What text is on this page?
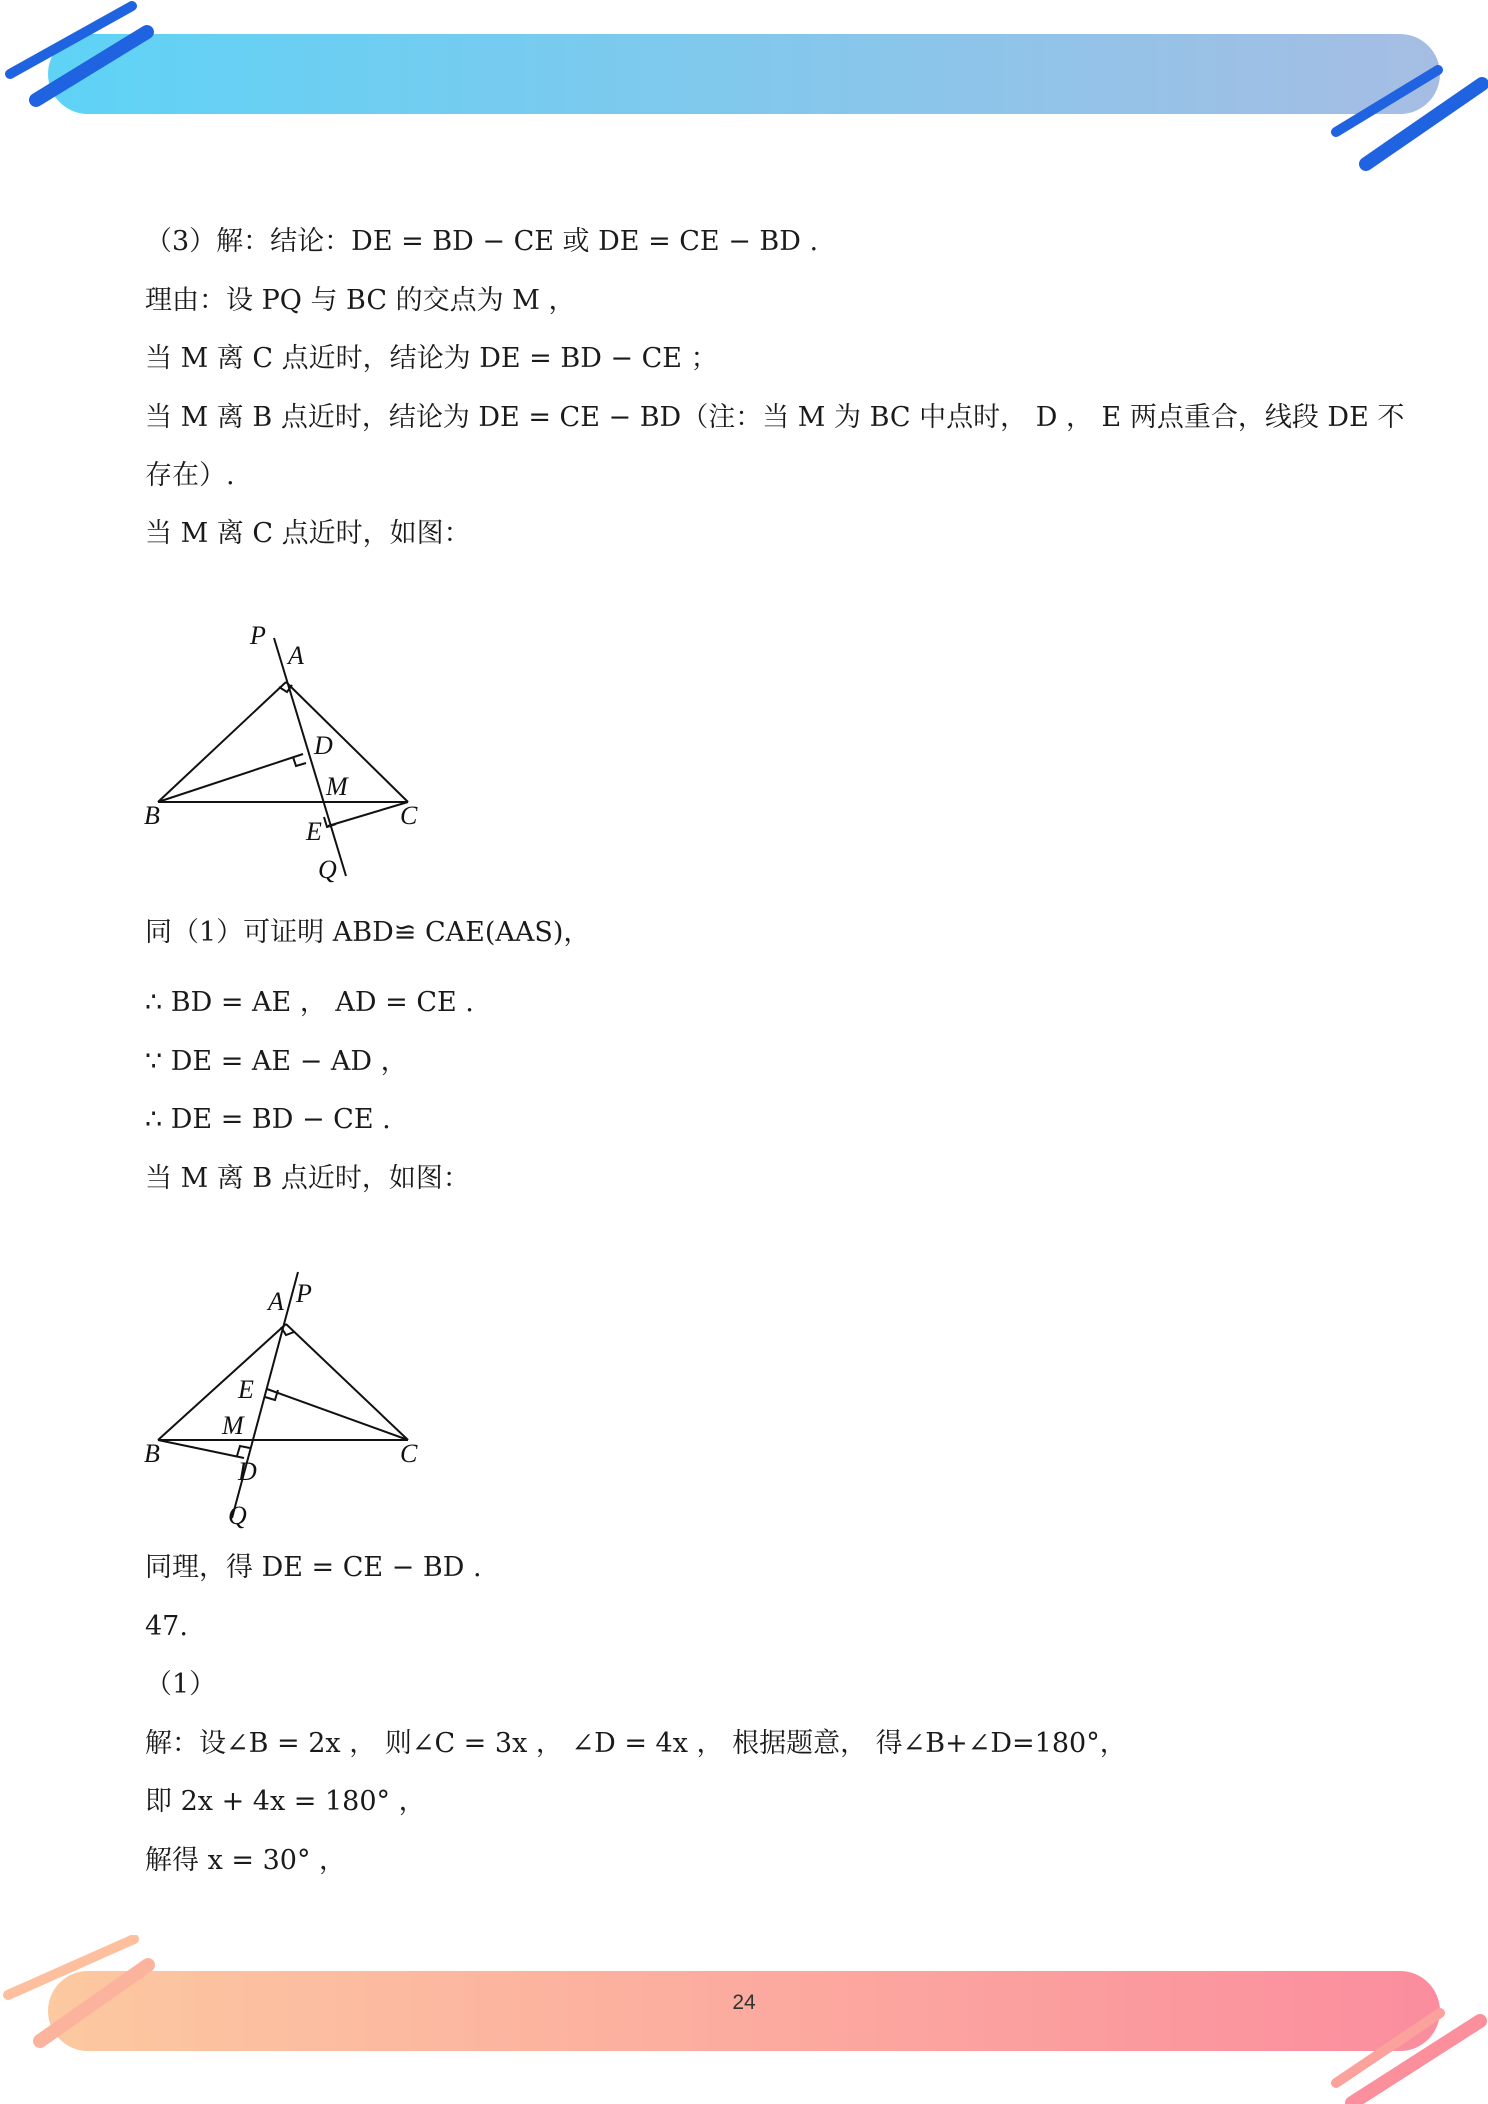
（3）解：结论：DE = BD − CE 或 DE = CE − BD .
理由：设 PQ 与 BC 的交点为 M ，
当 M 离 C 点近时，结论为 DE = BD − CE ；
当 M 离 B 点近时，结论为 DE = CE − BD（注：当 M 为 BC 中点时， D ， E 两点重合，线段 DE 不
存在）.
当 M 离 C 点近时，如图：
P
A
D
M
B	C
E
Q
同（1）可证明 ABD≌ CAE(AAS)，
∴ BD = AE ， AD = CE .
∵ DE = AE − AD ，
∴ DE = BD − CE .
当 M 离 B 点近时，如图：
A P
E
M
B	C
D
Q
同理，得 DE = CE − BD .
47.
（1）
解：设∠B = 2x ， 则∠C = 3x ， ∠D = 4x ， 根据题意， 得∠B+∠D=180°，
即 2x + 4x = 180° ，
解得 x = 30° ，
24
